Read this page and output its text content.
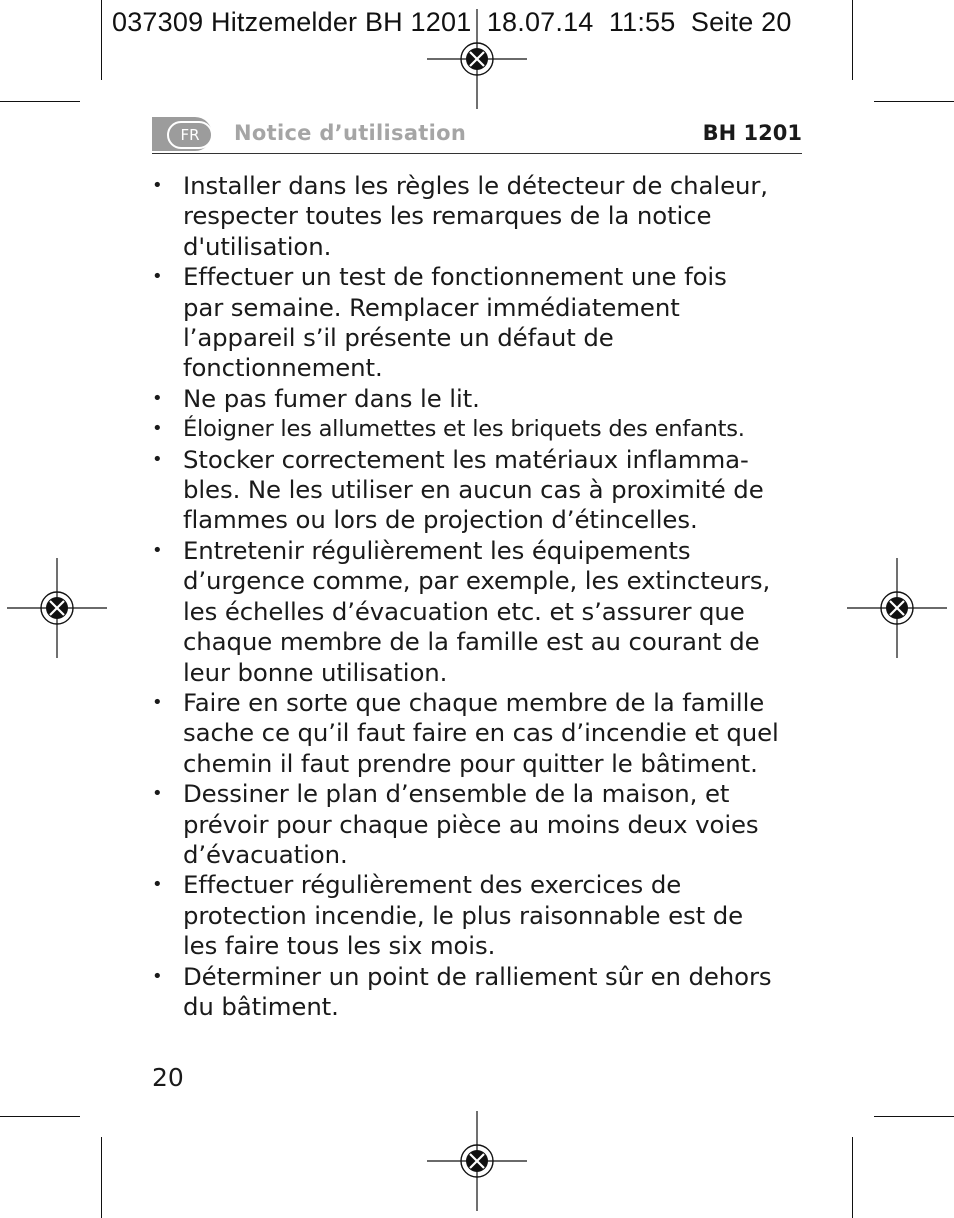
037309 Hitzemelder BH 1201  18.07.14  11:55  Seite 20
FR	Notice d’utilisation	BH 1201
• Installer dans les règles le détecteur de chaleur,
respecter toutes les remarques de la notice
d'utilisation.
• Effectuer un test de fonctionnement une fois
par semaine. Remplacer immédiatement
l’appareil s’il présente un défaut de
fonctionnement.
• Ne pas fumer dans le lit.
• Éloigner les allumettes et les briquets des enfants.
• Stocker correctement les matériaux inflamma-
bles. Ne les utiliser en aucun cas à proximité de
flammes ou lors de projection d’étincelles.
• Entretenir régulièrement les équipements
d’urgence comme, par exemple, les extincteurs,
les échelles d’évacuation etc. et s’assurer que
chaque membre de la famille est au courant de
leur bonne utilisation.
• Faire en sorte que chaque membre de la famille
sache ce qu’il faut faire en cas d’incendie et quel
chemin il faut prendre pour quitter le bâtiment.
• Dessiner le plan d’ensemble de la maison, et
prévoir pour chaque pièce au moins deux voies
d’évacuation.
• Effectuer régulièrement des exercices de
protection incendie, le plus raisonnable est de
les faire tous les six mois.
• Déterminer un point de ralliement sûr en dehors
du bâtiment.
20
